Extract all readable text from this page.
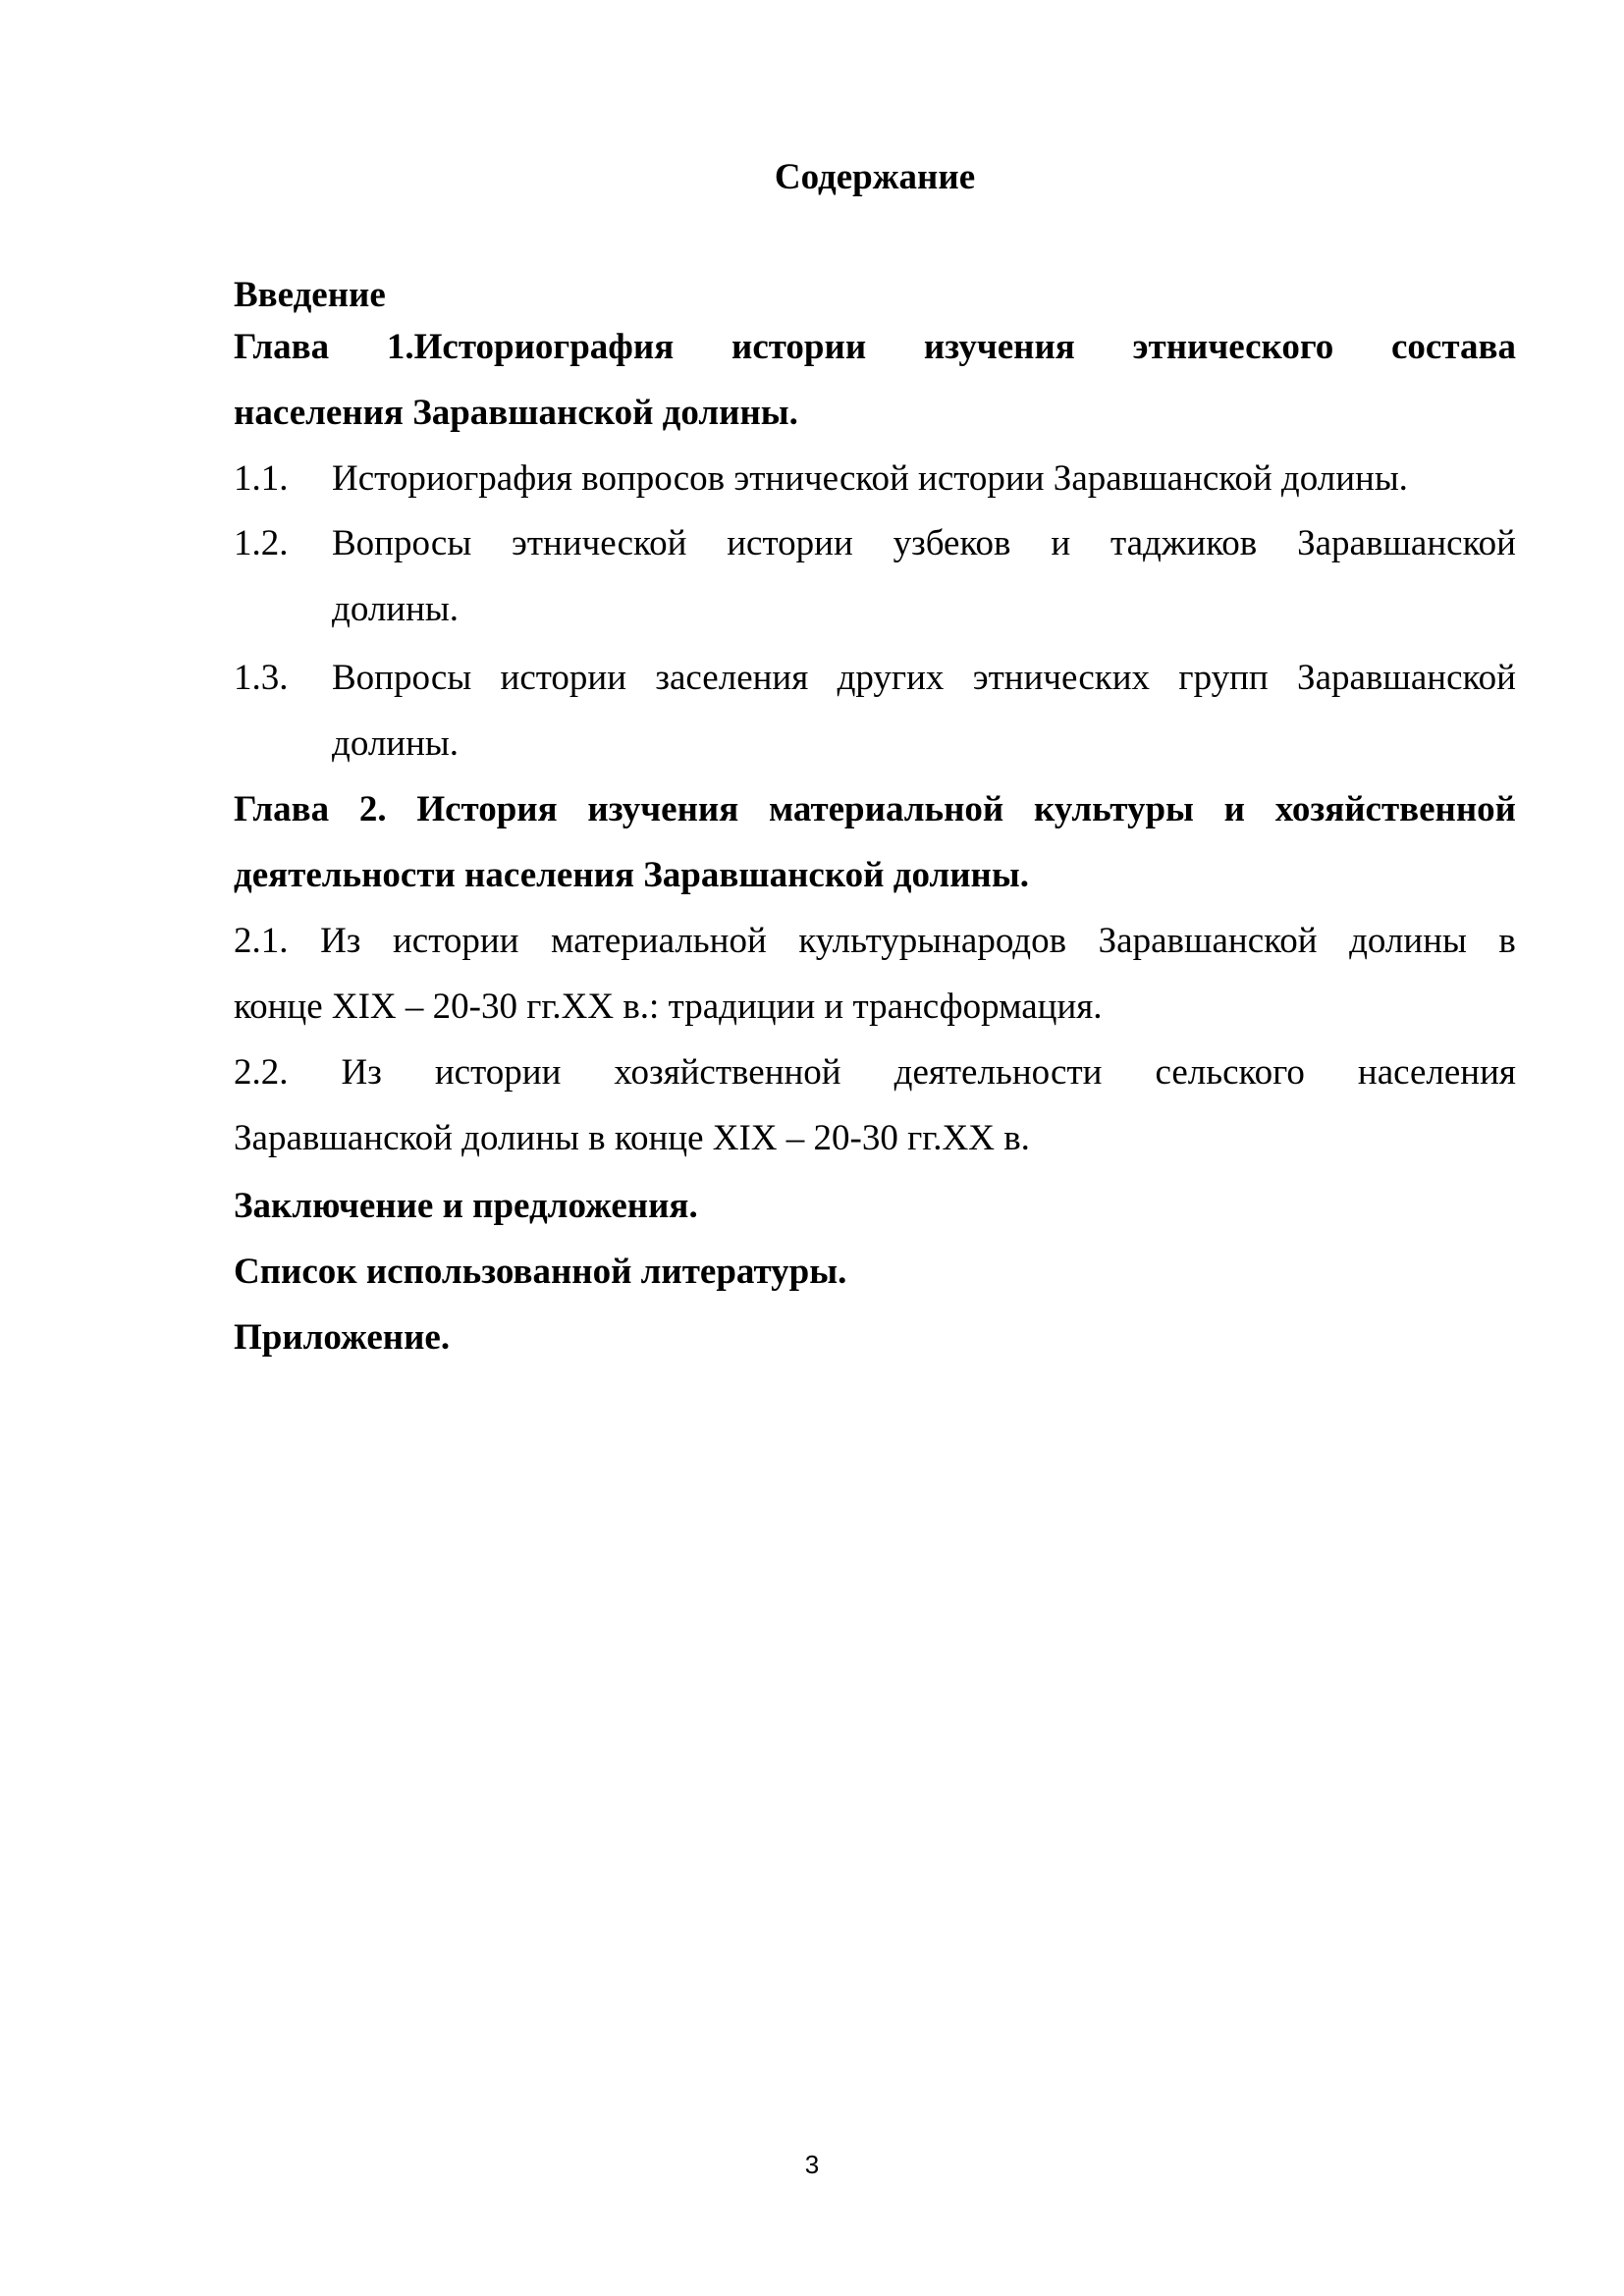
Содержание
Введение
Глава 1.Историография истории изучения этнического состава
населения Заравшанской долины.
1.1.	Историография вопросов этнической истории Заравшанской долины.
1.2.	Вопросы этнической истории узбеков и таджиков Заравшанской
долины.
1.3.	Вопросы истории заселения других этнических групп Заравшанской
долины.
Глава 2. История изучения материальной культуры и хозяйственной
деятельности населения Заравшанской долины.
2.1. Из истории материальной культурынародов Заравшанской долины в
конце XIX – 20-30 гг.XX в.: традиции и трансформация.
2.2. Из истории хозяйственной деятельности сельского населения
Заравшанской долины в конце XIX – 20-30 гг.XX в.
Заключение и предложения.
Список использованной литературы.
Приложение.
3
